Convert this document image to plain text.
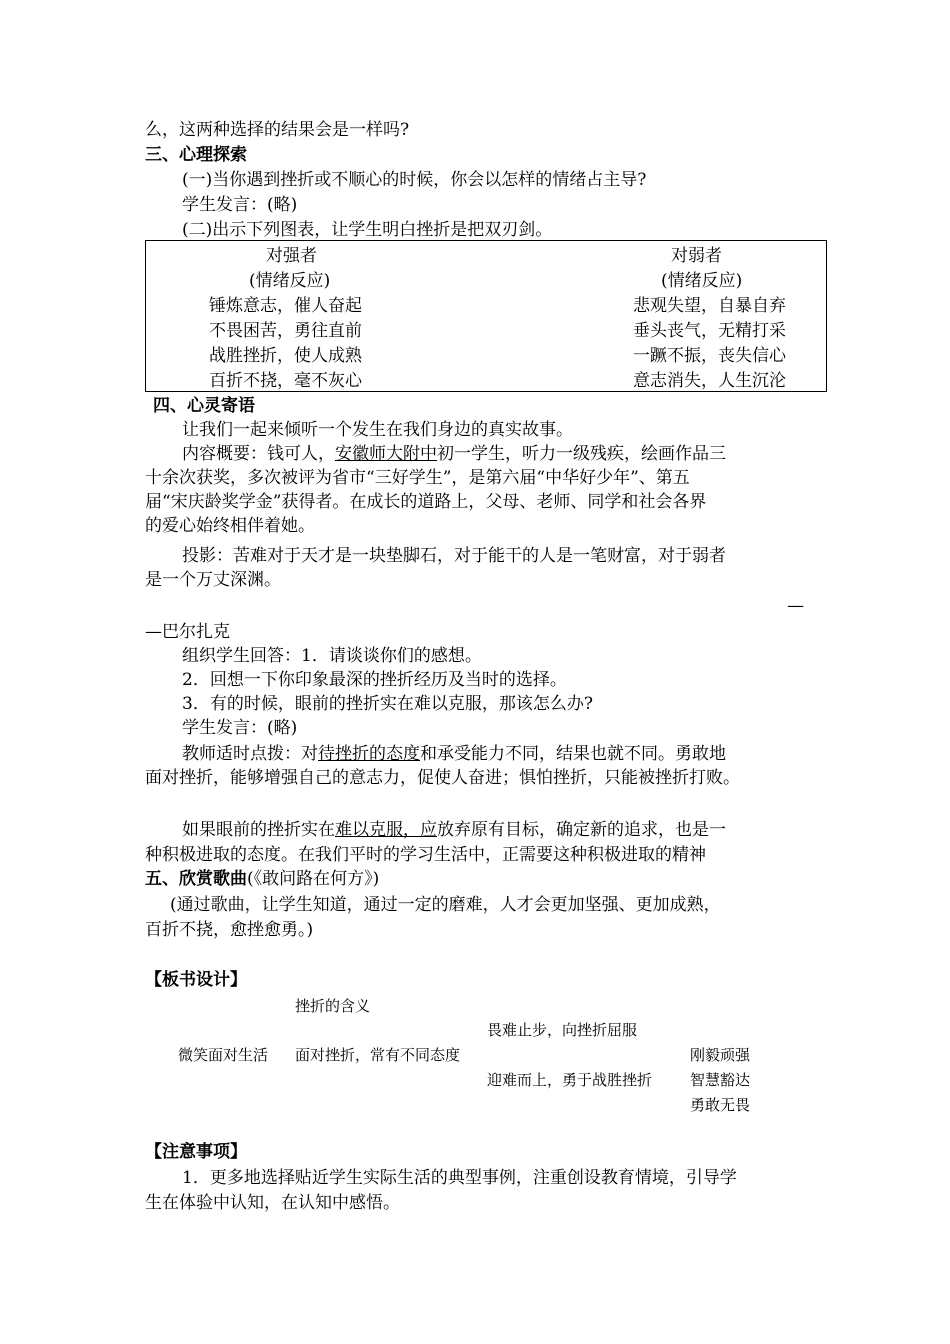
么，这两种选择的结果会是一样吗?
三、心理探索
(一)当你遇到挫折或不顺心的时候，你会以怎样的情绪占主导?
学生发言：(略)
(二)出示下列图表，让学生明白挫折是把双刃剑。
对强者
(情绪反应)
锤炼意志，催人奋起
不畏困苦，勇往直前
战胜挫折，使人成熟
百折不挠，毫不灰心
对弱者
(情绪反应)
悲观失望，自暴自弃
垂头丧气，无精打采
一蹶不振，丧失信心
意志消失，人生沉沦
四、心灵寄语
让我们一起来倾听一个发生在我们身边的真实故事。
内容概要：钱可人，安徽师大附中初一学生，听力一级残疾，绘画作品三
十余次获奖，多次被评为省市“三好学生”，是第六届“中华好少年”、第五
届“宋庆龄奖学金”获得者。在成长的道路上，父母、老师、同学和社会各界
的爱心始终相伴着她。
投影：苦难对于天才是一块垫脚石，对于能干的人是一笔财富，对于弱者
是一个万丈深渊。
—
—巴尔扎克
组织学生回答：1．请谈谈你们的感想。
2．回想一下你印象最深的挫折经历及当时的选择。
3．有的时候，眼前的挫折实在难以克服，那该怎么办?
学生发言：(略)
教师适时点拨：对待挫折的态度和承受能力不同，结果也就不同。勇敢地
面对挫折，能够增强自己的意志力，促使人奋进；惧怕挫折，只能被挫折打败。
如果眼前的挫折实在难以克服，应放弃原有目标，确定新的追求，也是一
种积极进取的态度。在我们平时的学习生活中，正需要这种积极进取的精神
五、欣赏歌曲(《敢问路在何方》)
(通过歌曲，让学生知道，通过一定的磨难，人才会更加坚强、更加成熟，
百折不挠，愈挫愈勇。)
【板书设计】
挫折的含义
畏难止步，向挫折屈服
微笑面对生活 面对挫折，常有不同态度	刚毅顽强
迎难而上，勇于战胜挫折	智慧豁达
勇敢无畏
【注意事项】
1．更多地选择贴近学生实际生活的典型事例，注重创设教育情境，引导学
生在体验中认知，在认知中感悟。
